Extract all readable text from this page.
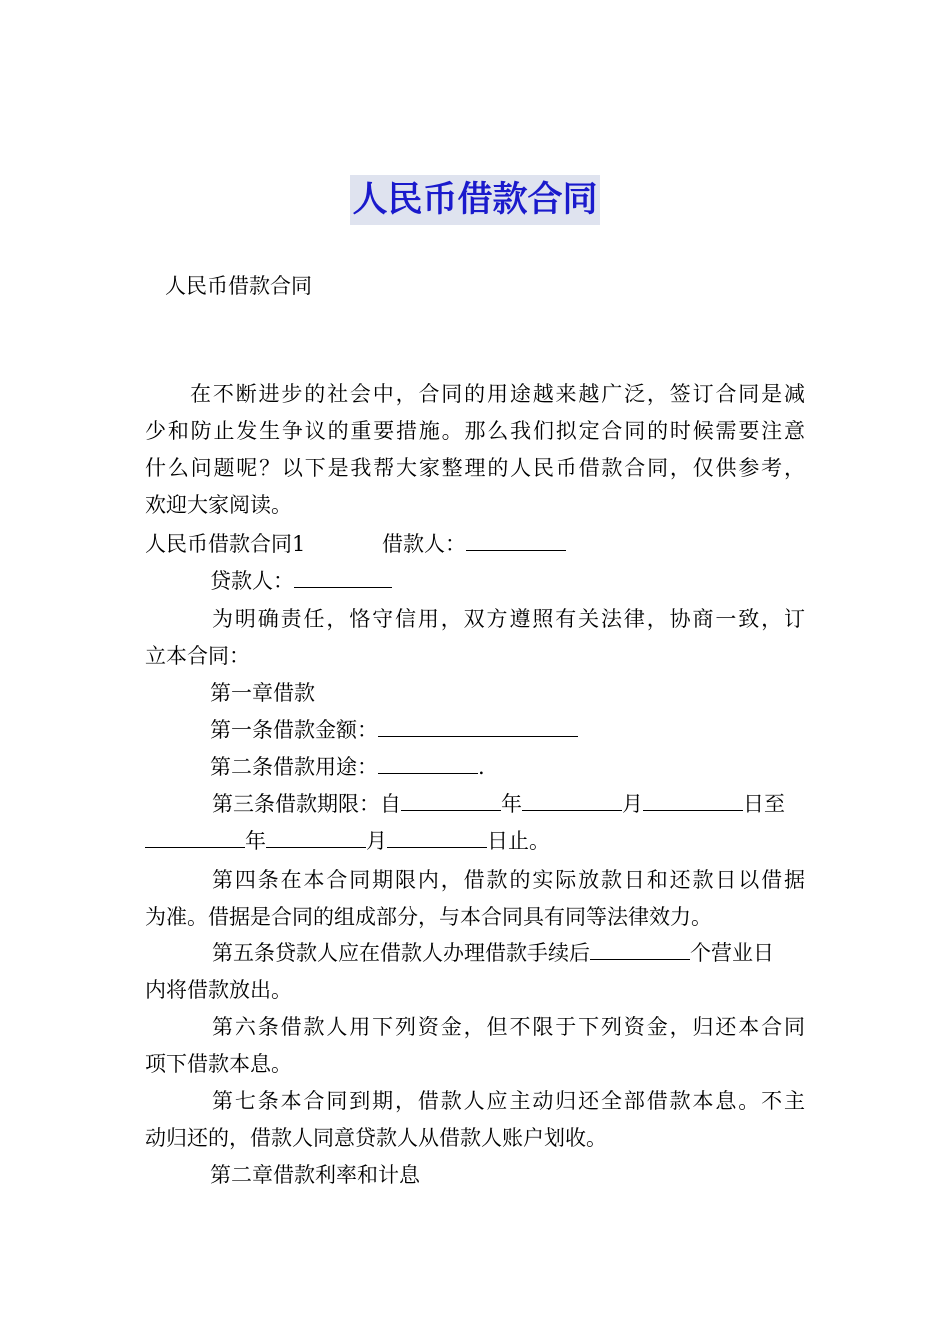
人民币借款合同
人民币借款合同
在不断进步的社会中，合同的用途越来越广泛，签订合同是减
少和防止发生争议的重要措施。那么我们拟定合同的时候需要注意
什么问题呢？以下是我帮大家整理的人民币借款合同，仅供参考，
欢迎大家阅读。
人民币借款合同1	借款人：
贷款人：
为明确责任，恪守信用，双方遵照有关法律，协商一致，订
立本合同：
第一章借款
第一条借款金额：
第二条借款用途：	.
第三条借款期限：自	年	月	日至
年	月	日止。
第四条在本合同期限内，借款的实际放款日和还款日以借据
为准。借据是合同的组成部分，与本合同具有同等法律效力。
第五条贷款人应在借款人办理借款手续后	个营业日
内将借款放出。
第六条借款人用下列资金，但不限于下列资金，归还本合同
项下借款本息。
第七条本合同到期，借款人应主动归还全部借款本息。不主
动归还的，借款人同意贷款人从借款人账户划收。
第二章借款利率和计息
